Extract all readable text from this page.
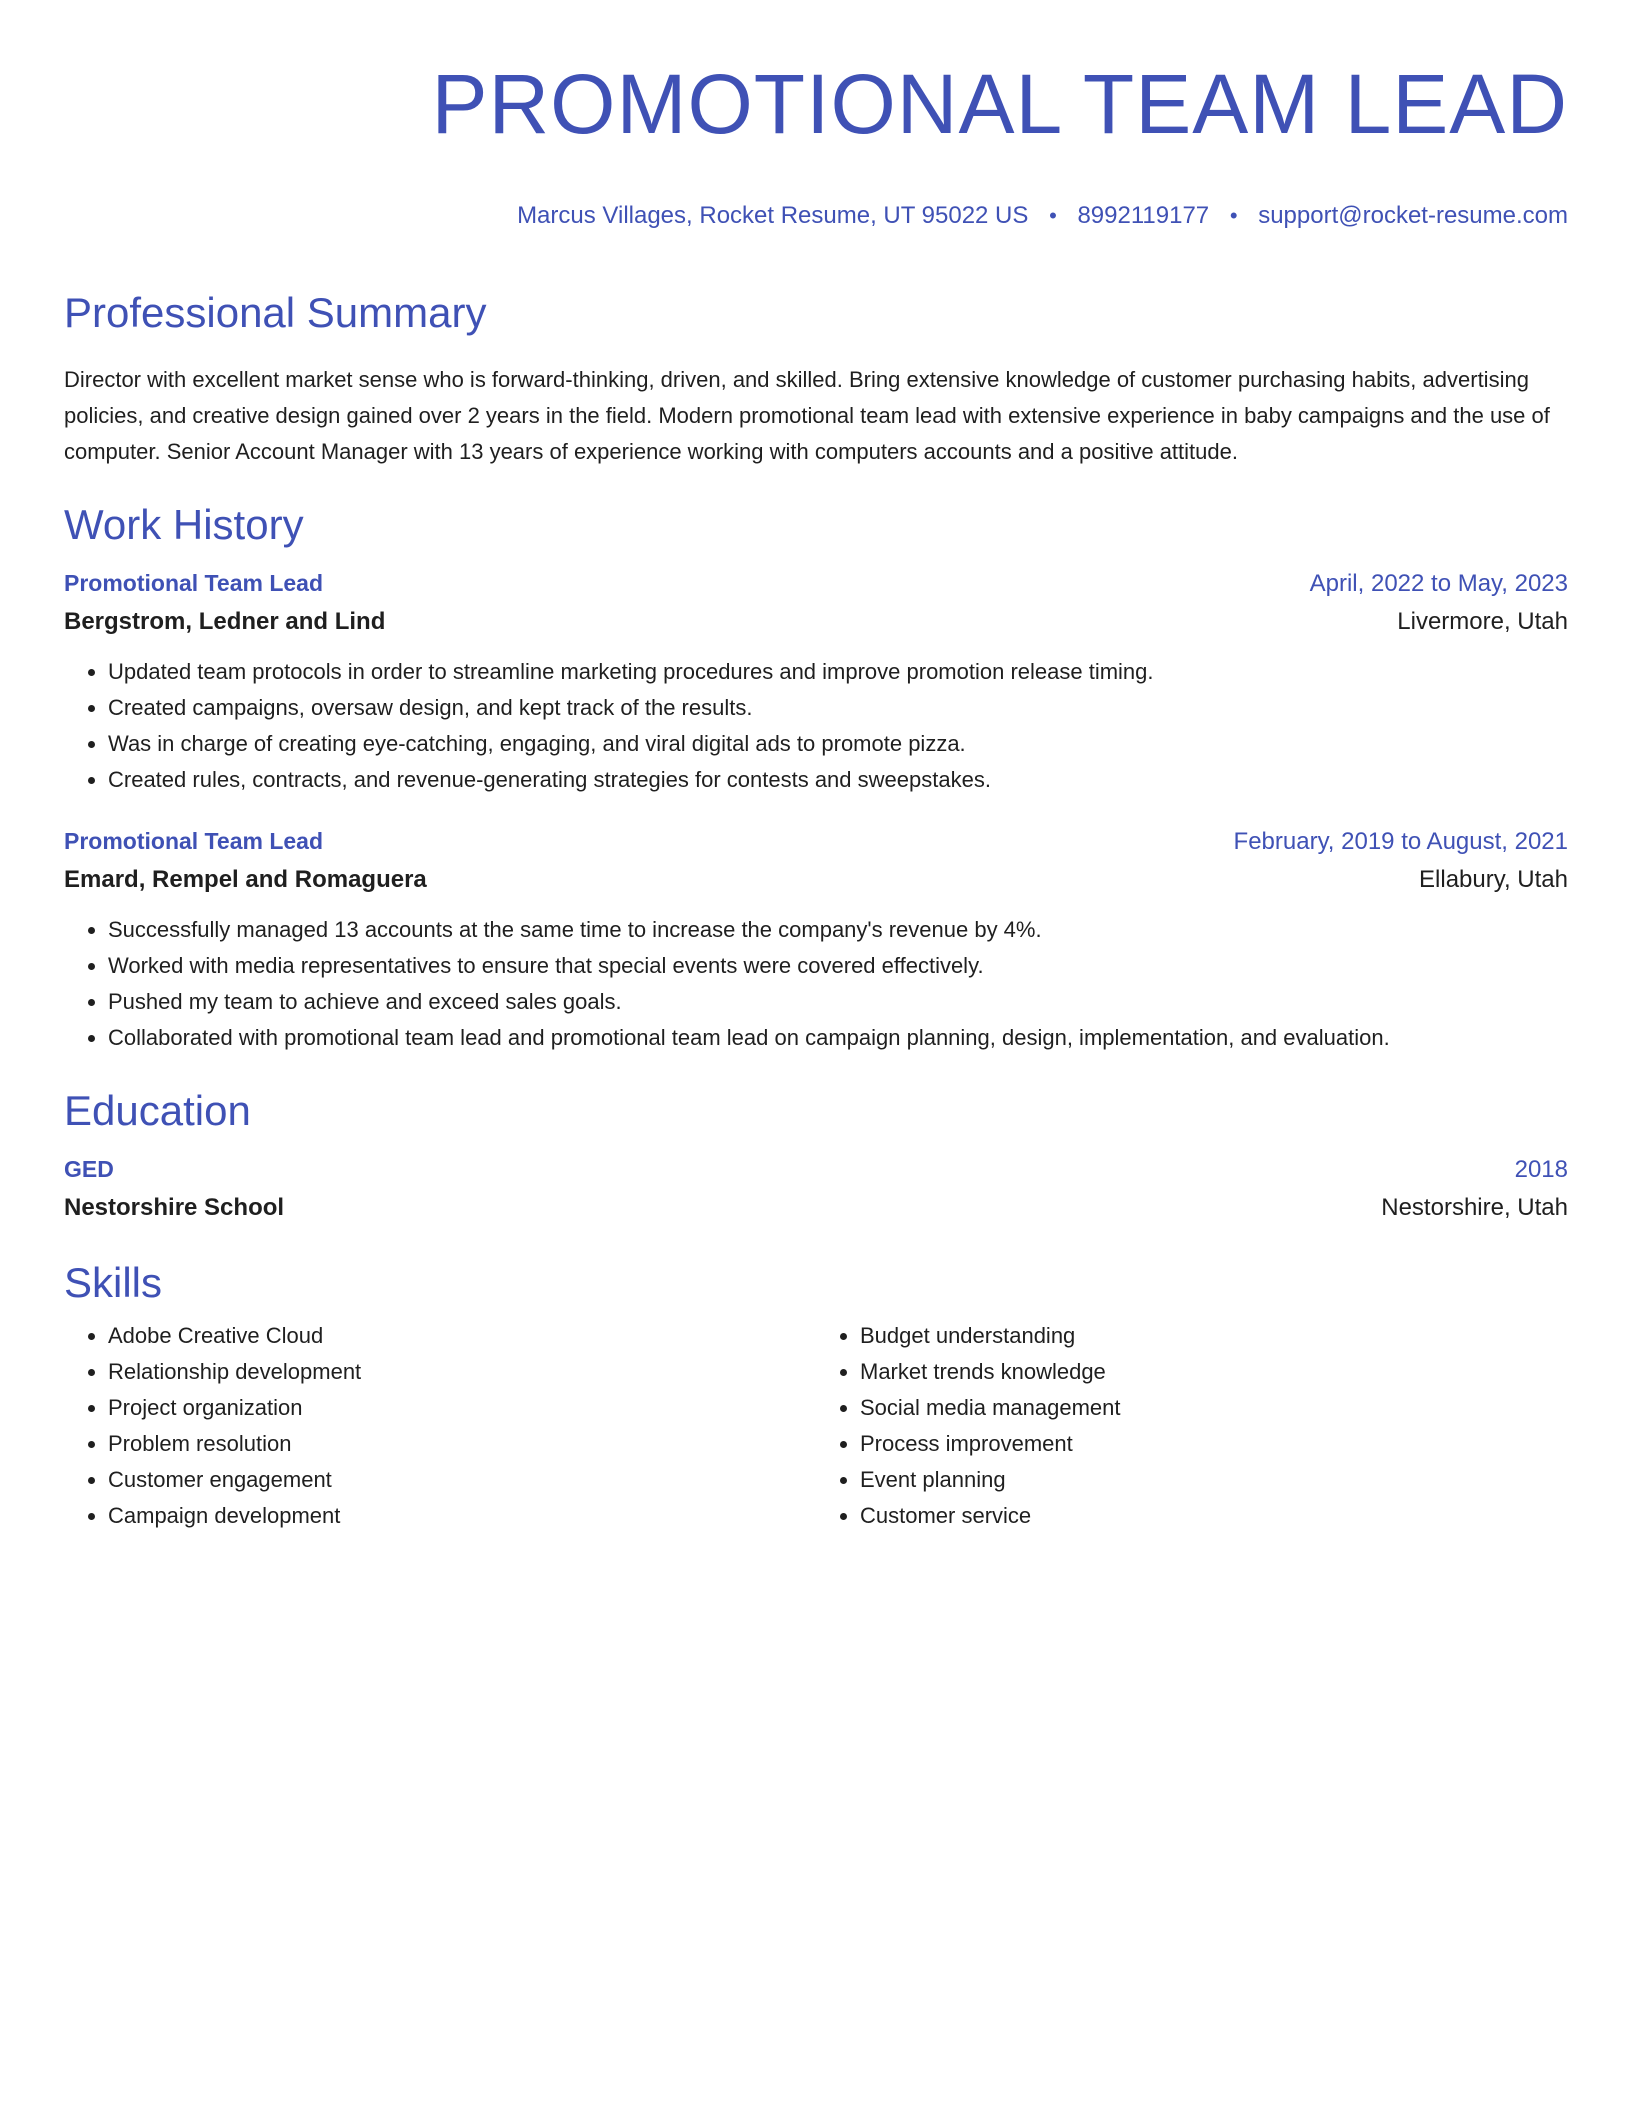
PROMOTIONAL TEAM LEAD
Marcus Villages, Rocket Resume, UT 95022 US • 8992119177 • support@rocket-resume.com
Professional Summary
Director with excellent market sense who is forward-thinking, driven, and skilled. Bring extensive knowledge of customer purchasing habits, advertising policies, and creative design gained over 2 years in the field. Modern promotional team lead with extensive experience in baby campaigns and the use of computer. Senior Account Manager with 13 years of experience working with computers accounts and a positive attitude.
Work History
Promotional Team Lead	April, 2022 to May, 2023
Bergstrom, Ledner and Lind	Livermore, Utah
• Updated team protocols in order to streamline marketing procedures and improve promotion release timing.
• Created campaigns, oversaw design, and kept track of the results.
• Was in charge of creating eye-catching, engaging, and viral digital ads to promote pizza.
• Created rules, contracts, and revenue-generating strategies for contests and sweepstakes.
Promotional Team Lead	February, 2019 to August, 2021
Emard, Rempel and Romaguera	Ellabury, Utah
• Successfully managed 13 accounts at the same time to increase the company's revenue by 4%.
• Worked with media representatives to ensure that special events were covered effectively.
• Pushed my team to achieve and exceed sales goals.
• Collaborated with promotional team lead and promotional team lead on campaign planning, design, implementation, and evaluation.
Education
GED	2018
Nestorshire School	Nestorshire, Utah
Skills
• Adobe Creative Cloud
• Relationship development
• Project organization
• Problem resolution
• Customer engagement
• Campaign development
• Budget understanding
• Market trends knowledge
• Social media management
• Process improvement
• Event planning
• Customer service
